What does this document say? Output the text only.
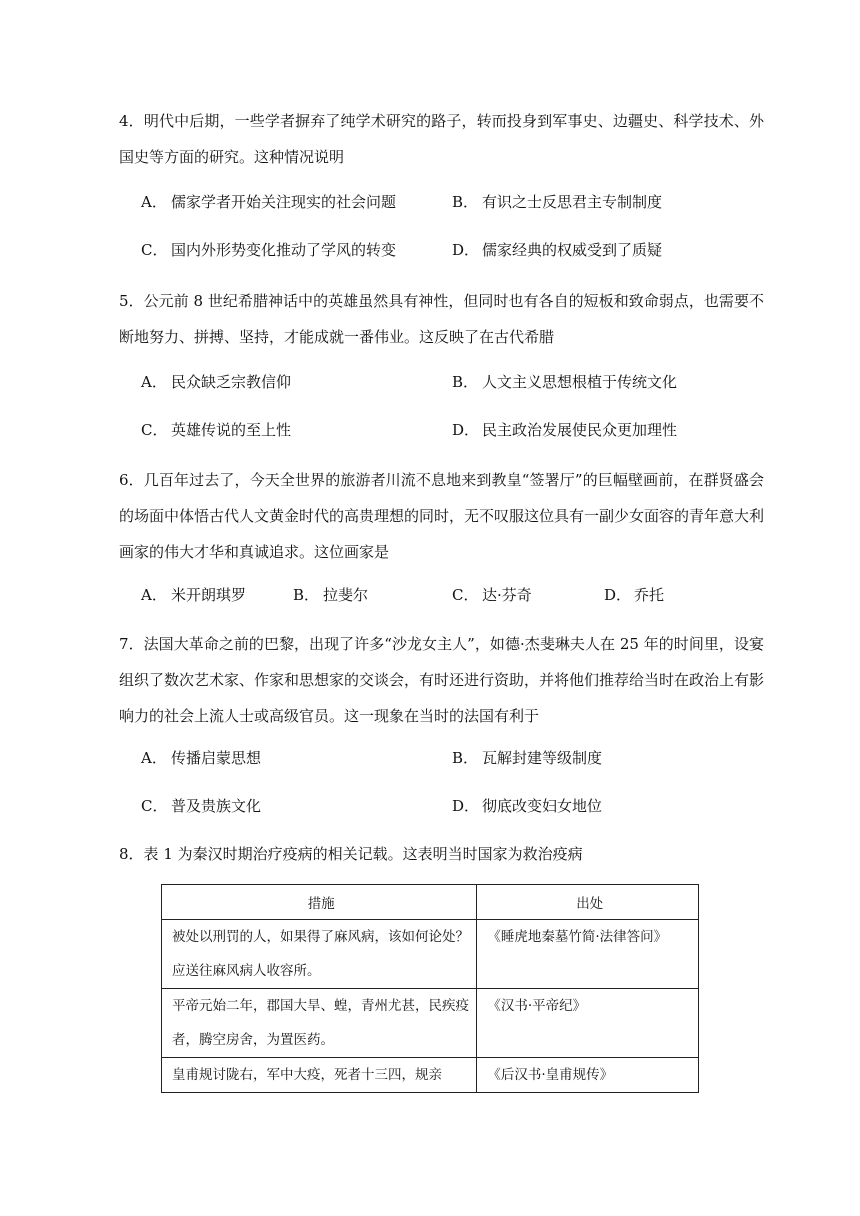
4．明代中后期，一些学者摒弃了纯学术研究的路子，转而投身到军事史、边疆史、科学技术、外国史等方面的研究。这种情况说明

A． 儒家学者开始关注现实的社会问题	B． 有识之士反思君主专制制度
C． 国内外形势变化推动了学风的转变	D． 儒家经典的权威受到了质疑

5．公元前 8 世纪希腊神话中的英雄虽然具有神性，但同时也有各自的短板和致命弱点，也需要不断地努力、拼搏、坚持，才能成就一番伟业。这反映了在古代希腊

A． 民众缺乏宗教信仰	B． 人文主义思想根植于传统文化
C． 英雄传说的至上性	D． 民主政治发展使民众更加理性

6．几百年过去了，今天全世界的旅游者川流不息地来到教皇“签署厅”的巨幅壁画前，在群贤盛会的场面中体悟古代人文黄金时代的高贵理想的同时，无不叹服这位具有一副少女面容的青年意大利画家的伟大才华和真诚追求。这位画家是

A． 米开朗琪罗	B． 拉斐尔	C． 达·芬奇	D． 乔托

7．法国大革命之前的巴黎，出现了许多“沙龙女主人”，如德·杰斐琳夫人在 25 年的时间里，设宴组织了数次艺术家、作家和思想家的交谈会，有时还进行资助，并将他们推荐给当时在政治上有影响力的社会上流人士或高级官员。这一现象在当时的法国有利于

A． 传播启蒙思想	B． 瓦解封建等级制度
C． 普及贵族文化	D． 彻底改变妇女地位

8．表 1 为秦汉时期治疗疫病的相关记载。这表明当时国家为救治疫病

措施	出处
被处以刑罚的人，如果得了麻风病，该如何论处？应送往麻风病人收容所。	《睡虎地秦墓竹简·法律答问》
平帝元始二年，郡国大旱、蝗，青州尤甚，民疾疫者，腾空房舍，为置医药。	《汉书·平帝纪》
皇甫规讨陇右，军中大疫，死者十三四，规亲	《后汉书·皇甫规传》
